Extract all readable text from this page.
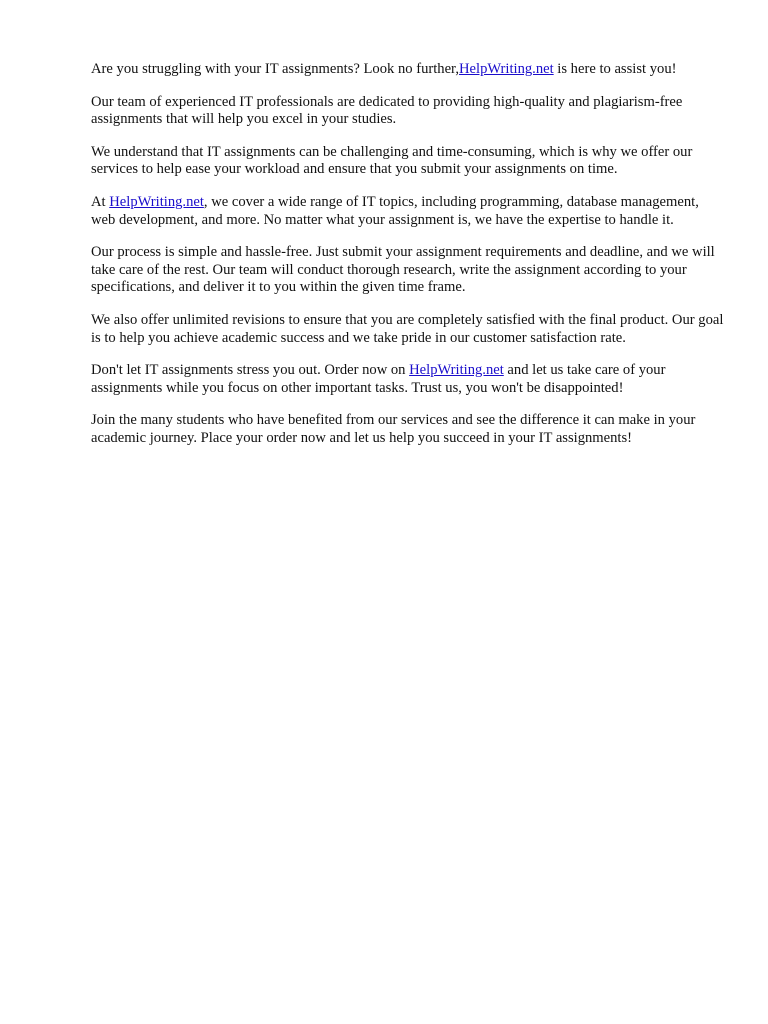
Are you struggling with your IT assignments? Look no further,HelpWriting.net is here to assist you!

Our team of experienced IT professionals are dedicated to providing high-quality and plagiarism-free assignments that will help you excel in your studies.

We understand that IT assignments can be challenging and time-consuming, which is why we offer our services to help ease your workload and ensure that you submit your assignments on time.

At HelpWriting.net, we cover a wide range of IT topics, including programming, database management, web development, and more. No matter what your assignment is, we have the expertise to handle it.

Our process is simple and hassle-free. Just submit your assignment requirements and deadline, and we will take care of the rest. Our team will conduct thorough research, write the assignment according to your specifications, and deliver it to you within the given time frame.

We also offer unlimited revisions to ensure that you are completely satisfied with the final product. Our goal is to help you achieve academic success and we take pride in our customer satisfaction rate.

Don't let IT assignments stress you out. Order now on HelpWriting.net and let us take care of your assignments while you focus on other important tasks. Trust us, you won't be disappointed!

Join the many students who have benefited from our services and see the difference it can make in your academic journey. Place your order now and let us help you succeed in your IT assignments!
